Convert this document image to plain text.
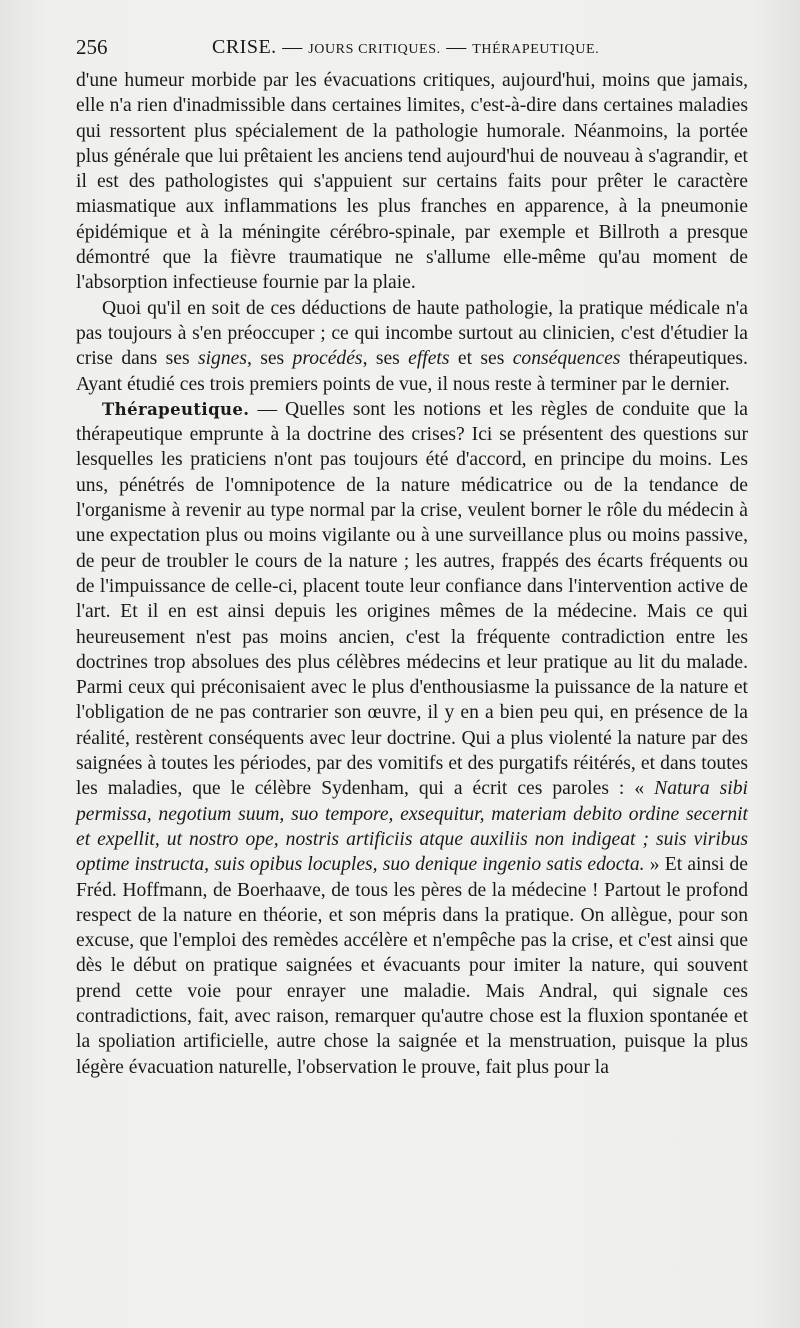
256	CRISE. — JOURS CRITIQUES. — THÉRAPEUTIQUE.

d'une humeur morbide par les évacuations critiques, aujourd'hui, moins que jamais, elle n'a rien d'inadmissible dans certaines limites, c'est-à-dire dans certaines maladies qui ressortent plus spécialement de la pathologie humorale. Néanmoins, la portée plus générale que lui prêtaient les anciens tend aujourd'hui de nouveau à s'agrandir, et il est des pathologistes qui s'appuient sur certains faits pour prêter le caractère miasmatique aux inflammations les plus franches en apparence, à la pneumonie épidémique et à la méningite cérébro-spinale, par exemple et Billroth a presque démontré que la fièvre traumatique ne s'allume elle-même qu'au moment de l'absorption infectieuse fournie par la plaie.

Quoi qu'il en soit de ces déductions de haute pathologie, la pratique médicale n'a pas toujours à s'en préoccuper ; ce qui incombe surtout au clinicien, c'est d'étudier la crise dans ses signes, ses procédés, ses effets et ses conséquences thérapeutiques. Ayant étudié ces trois premiers points de vue, il nous reste à terminer par le dernier.

Thérapeutique. — Quelles sont les notions et les règles de conduite que la thérapeutique emprunte à la doctrine des crises? Ici se présentent des questions sur lesquelles les praticiens n'ont pas toujours été d'accord, en principe du moins. Les uns, pénétrés de l'omnipotence de la nature médicatrice ou de la tendance de l'organisme à revenir au type normal par la crise, veulent borner le rôle du médecin à une expectation plus ou moins vigilante ou à une surveillance plus ou moins passive, de peur de troubler le cours de la nature ; les autres, frappés des écarts fréquents ou de l'impuissance de celle-ci, placent toute leur confiance dans l'intervention active de l'art. Et il en est ainsi depuis les origines mêmes de la médecine. Mais ce qui heureusement n'est pas moins ancien, c'est la fréquente contradiction entre les doctrines trop absolues des plus célèbres médecins et leur pratique au lit du malade. Parmi ceux qui préconisaient avec le plus d'enthousiasme la puissance de la nature et l'obligation de ne pas contrarier son œuvre, il y en a bien peu qui, en présence de la réalité, restèrent conséquents avec leur doctrine. Qui a plus violenté la nature par des saignées à toutes les périodes, par des vomitifs et des purgatifs réitérés, et dans toutes les maladies, que le célèbre Sydenham, qui a écrit ces paroles : « Natura sibi permissa, negotium suum, suo tempore, exsequitur, materiam debito ordine secernit et expellit, ut nostro ope, nostris artificiis atque auxiliis non indigeat ; suis viribus optime instructa, suis opibus locuples, suo denique ingenio satis edocta. » Et ainsi de Fréd. Hoffmann, de Boerhaave, de tous les pères de la médecine ! Partout le profond respect de la nature en théorie, et son mépris dans la pratique. On allègue, pour son excuse, que l'emploi des remèdes accélère et n'empêche pas la crise, et c'est ainsi que dès le début on pratique saignées et évacuants pour imiter la nature, qui souvent prend cette voie pour enrayer une maladie. Mais Andral, qui signale ces contradictions, fait, avec raison, remarquer qu'autre chose est la fluxion spontanée et la spoliation artificielle, autre chose la saignée et la menstruation, puisque la plus légère évacuation naturelle, l'observation le prouve, fait plus pour la
